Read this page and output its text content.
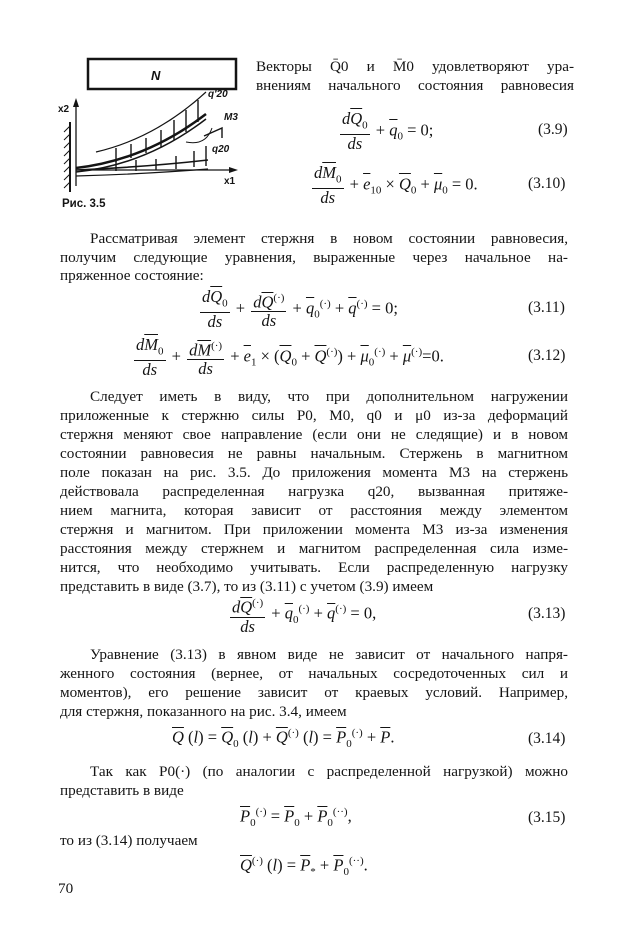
N
x2
x1
q′20
M3
q20
Рис. 3.5
Векторы Q̄0 и M̄0 удовлетворяют ура-
внениям начального состояния равновесия
$\frac{d\overline{Q}_0}{ds} + \overline{q}_0 = 0$;	(3.9)
$\frac{d\overline{M}_0}{ds} + \overline{e}_{10} \times \overline{Q}_0 + \overline{\mu}_0 = 0$.	(3.10)
Рассматривая элемент стержня в новом состоянии равновесия,
получим следующие уравнения, выраженные через начальное на-
пряженное состояние:
$\frac{d\overline{Q}_0}{ds} + \frac{d\overline{Q}^{(\cdot)}}{ds} + \overline{q}_0^{(\cdot)} + \overline{q}^{(\cdot)} = 0$;	(3.11)
$\frac{d\overline{M}_0}{ds} + \frac{d\overline{M}^{(\cdot)}}{ds} + \overline{e}_1 \times (\overline{Q}_0 + \overline{Q}^{(\cdot)}) + \overline{\mu}_0^{(\cdot)} + \overline{\mu}^{(\cdot)}=0$.	(3.12)
Следует иметь в виду, что при дополнительном нагружении
приложенные к стержню силы P0, M0, q0 и μ0 из-за деформаций
стержня меняют свое направление (если они не следящие) и в новом
состоянии равновесия не равны начальным. Стержень в магнитном
поле показан на рис. 3.5. До приложения момента M3 на стержень
действовала распределенная нагрузка q20, вызванная притяже-
нием магнита, которая зависит от расстояния между элементом
стержня и магнитом. При приложении момента M3 из-за изменения
расстояния между стержнем и магнитом распределенная сила изме-
нится, что необходимо учитывать. Если распределенную нагрузку
представить в виде (3.7), то из (3.11) с учетом (3.9) имеем
$\frac{d\overline{Q}^{(\cdot)}}{ds} + \overline{q}_0^{(\cdot)} + \overline{q}^{(\cdot)} = 0$,	(3.13)
Уравнение (3.13) в явном виде не зависит от начального напря-
женного состояния (вернее, от начальных сосредоточенных сил и
моментов), его решение зависит от краевых условий. Например,
для стержня, показанного на рис. 3.4, имеем
$\overline{Q}$ $(l) = \overline{Q}_0$ $(l) + \overline{Q}^{(\cdot)}$ $(l) = \overline{P}_0^{(\cdot)} + \overline{P}$.	(3.14)
Так как P0(·) (по аналогии с распределенной нагрузкой) можно
представить в виде
$\overline{P}_0^{(\cdot)} = \overline{P}_0 + \overline{P}_0^{(\cdot\cdot)}$,	(3.15)
то из (3.14) получаем
$\overline{Q}^{(\cdot)}$ $(l) = \overline{P}_* + \overline{P}_0^{(\cdot\cdot)}$.
70
